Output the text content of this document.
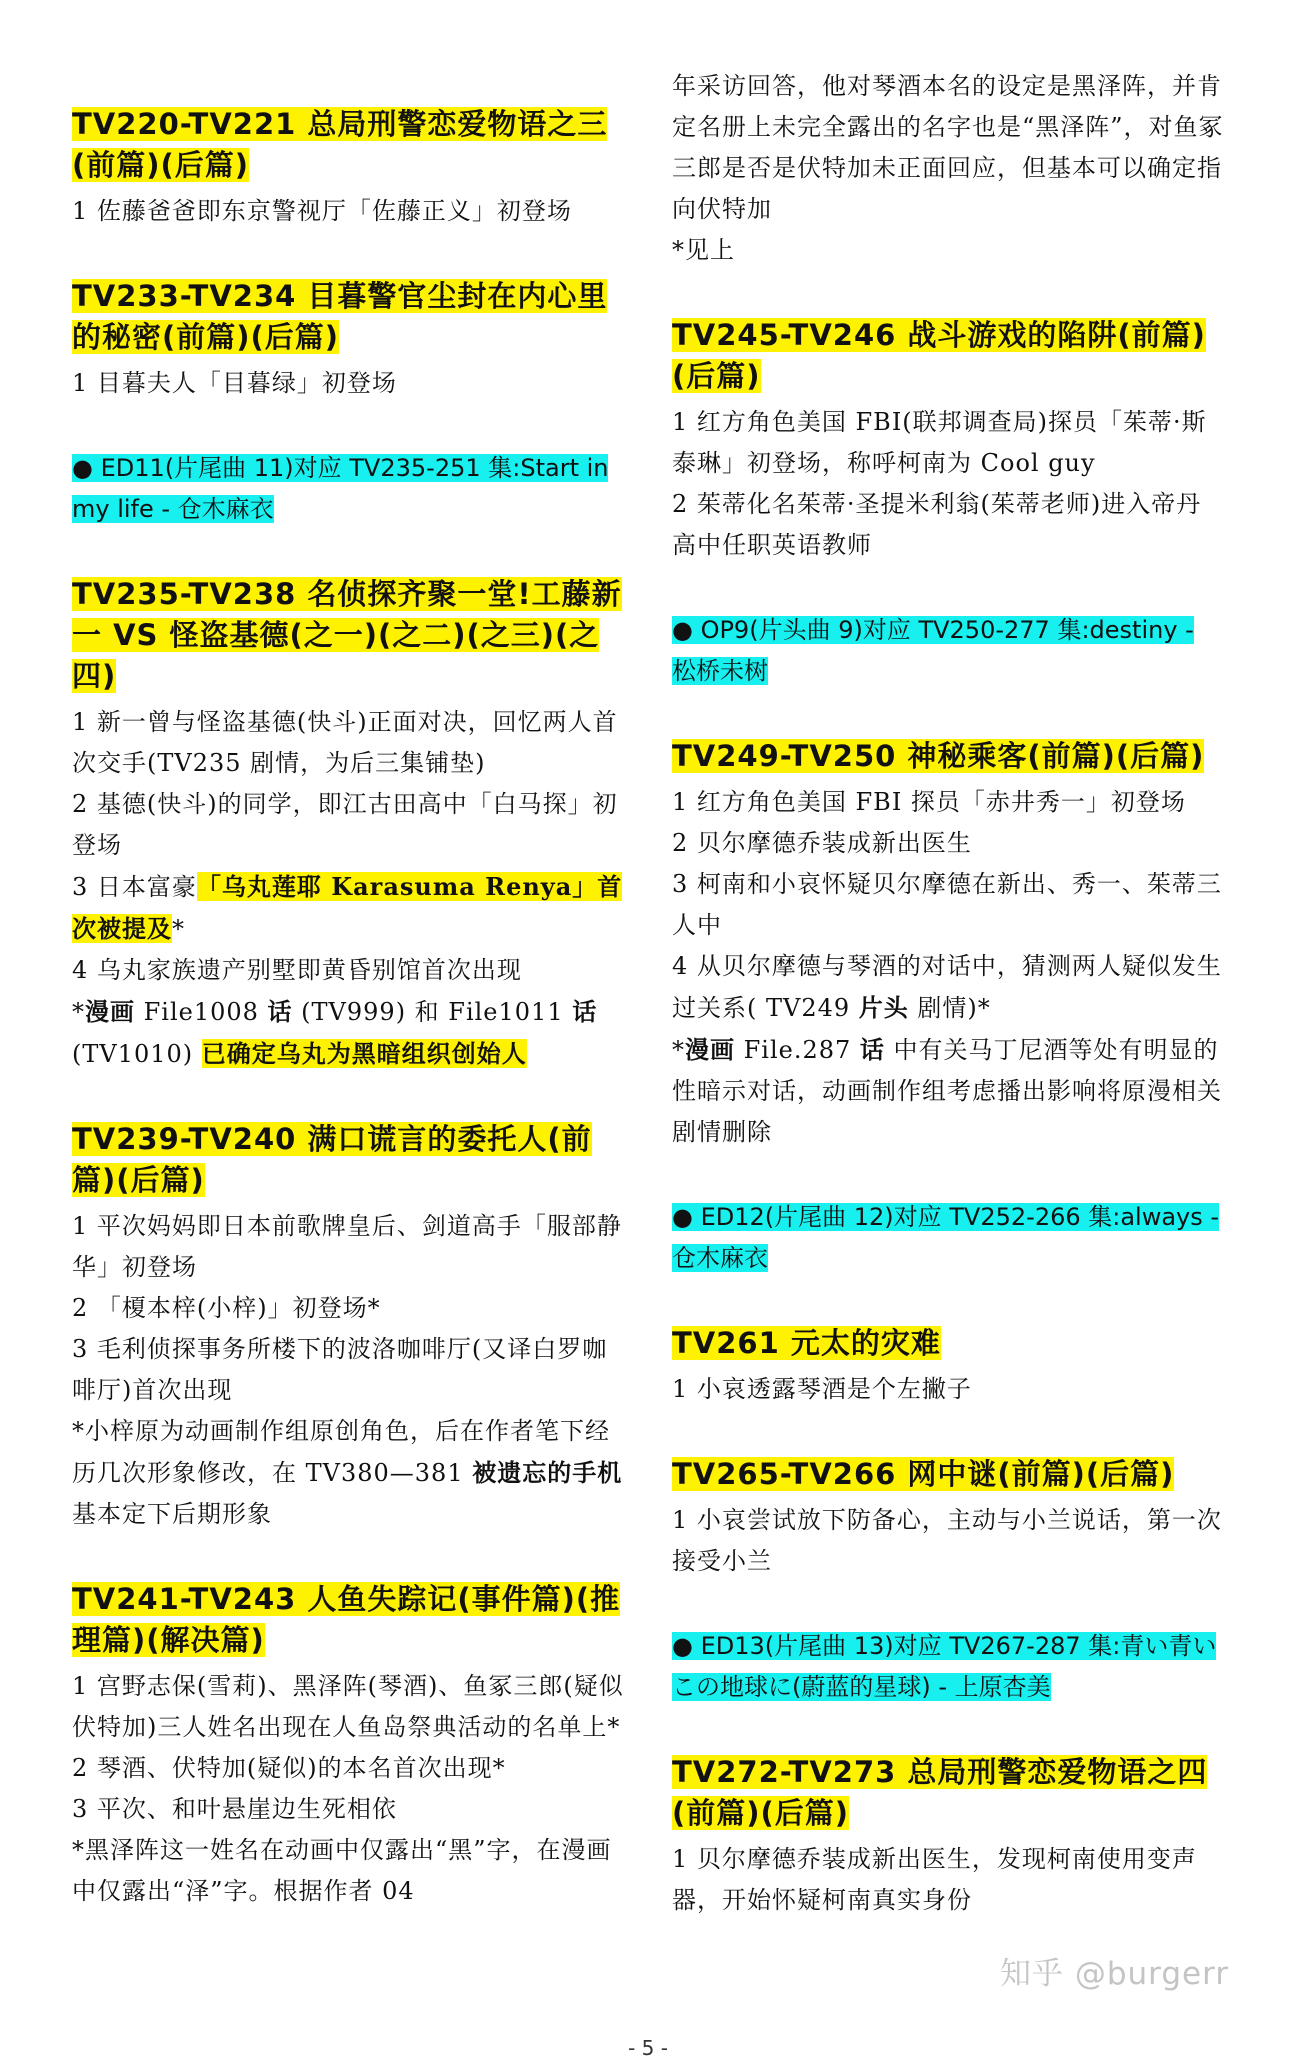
TV220-TV221 总局刑警恋爱物语之三(前篇)(后篇)

1 佐藤爸爸即东京警视厅「佐藤正义」初登场

TV233-TV234 目暮警官尘封在内心里的秘密(前篇)(后篇)

1 目暮夫人「目暮绿」初登场

● ED11(片尾曲 11)对应 TV235-251 集:Start in my life - 仓木麻衣
TV235-TV238 名侦探齐聚一堂!工藤新一 VS 怪盗基德(之一)(之二)(之三)(之四)

1 新一曾与怪盗基德(快斗)正面对决，回忆两人首次交手(TV235 剧情，为后三集铺垫)

2 基德(快斗)的同学，即江古田高中「白马探」初登场

3 日本富豪「乌丸莲耶 Karasuma Renya」首次被提及*

4 乌丸家族遗产别墅即黄昏别馆首次出现

*漫画 File1008 话 (TV999) 和 File1011 话 (TV1010) 已确定乌丸为黑暗组织创始人

TV239-TV240 满口谎言的委托人(前篇)(后篇)

1 平次妈妈即日本前歌牌皇后、剑道高手「服部静华」初登场

2 「榎本梓(小梓)」初登场*

3 毛利侦探事务所楼下的波洛咖啡厅(又译白罗咖啡厅)首次出现

*小梓原为动画制作组原创角色，后在作者笔下经历几次形象修改，在 TV380—381 被遗忘的手机 基本定下后期形象

TV241-TV243 人鱼失踪记(事件篇)(推理篇)(解决篇)

1 宫野志保(雪莉)、黑泽阵(琴酒)、鱼冢三郎(疑似伏特加)三人姓名出现在人鱼岛祭典活动的名单上*

2 琴酒、伏特加(疑似)的本名首次出现*

3 平次、和叶悬崖边生死相依

*黑泽阵这一姓名在动画中仅露出“黑”字，在漫画中仅露出“泽”字。根据作者 04

年采访回答，他对琴酒本名的设定是黑泽阵，并肯定名册上未完全露出的名字也是“黑泽阵”，对鱼冢三郎是否是伏特加未正面回应，但基本可以确定指向伏特加

*见上

TV245-TV246 战斗游戏的陷阱(前篇)(后篇)

1 红方角色美国 FBI(联邦调查局)探员「茱蒂·斯泰琳」初登场，称呼柯南为 Cool guy

2 茱蒂化名茱蒂·圣提米利翁(茱蒂老师)进入帝丹高中任职英语教师

● OP9(片头曲 9)对应 TV250-277 集:destiny - 松桥未树
TV249-TV250 神秘乘客(前篇)(后篇)

1 红方角色美国 FBI 探员「赤井秀一」初登场

2 贝尔摩德乔装成新出医生

3 柯南和小哀怀疑贝尔摩德在新出、秀一、茱蒂三人中

4 从贝尔摩德与琴酒的对话中，猜测两人疑似发生过关系( TV249 片头 剧情)*

*漫画 File.287 话 中有关马丁尼酒等处有明显的性暗示对话，动画制作组考虑播出影响将原漫相关剧情删除

● ED12(片尾曲 12)对应 TV252-266 集:always - 仓木麻衣
TV261 元太的灾难

1 小哀透露琴酒是个左撇子

TV265-TV266 网中谜(前篇)(后篇)

1 小哀尝试放下防备心，主动与小兰说话，第一次接受小兰

● ED13(片尾曲 13)对应 TV267-287 集:青い青いこの地球に(蔚蓝的星球) - 上原杏美
TV272-TV273 总局刑警恋爱物语之四(前篇)(后篇)

1 贝尔摩德乔装成新出医生，发现柯南使用变声器，开始怀疑柯南真实身份

知乎 @burgerr
- 5 -
